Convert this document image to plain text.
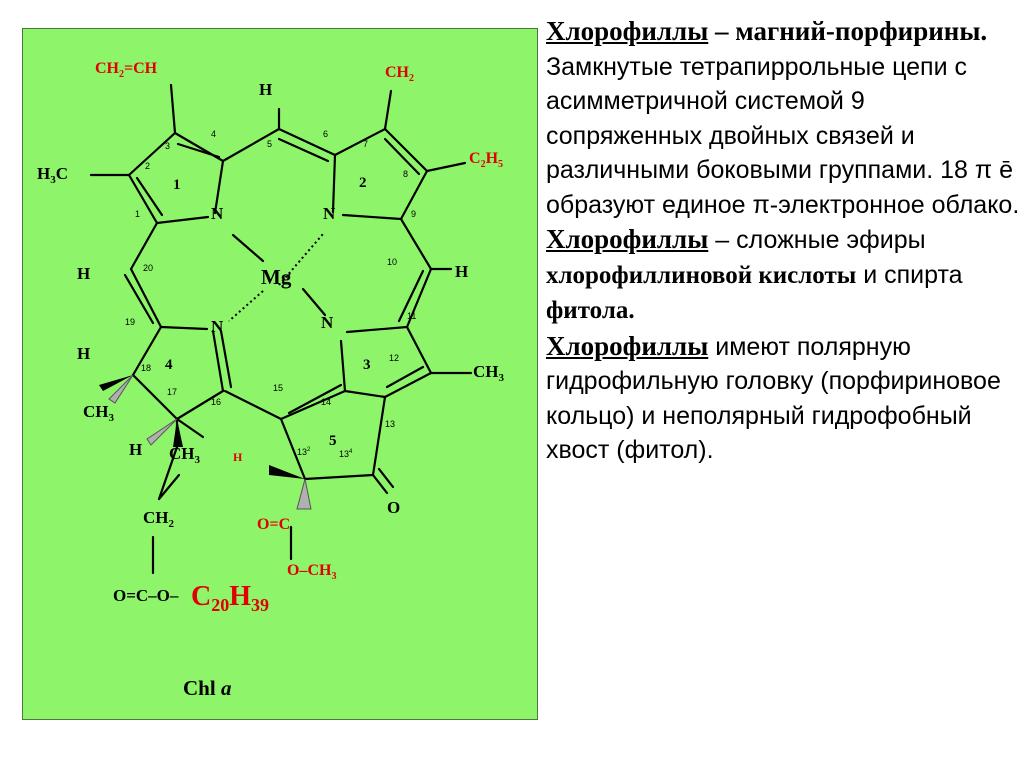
N	N
N	N
Mg
H
H	H
H
H
O
$H_3C$
$CH_3$
$CH_3$
$CH_3$
$CH_2$
O=C–O–
Chl a
$CH_2=CH$	$CH_2$
$C_2H_5$
H
O=C
$O-CH_3$
$C_{20}H_{39}$
1	2
3
4
5
1
2
3
4
5
6
7
8
9
10
11
12
13
14
15
16
17
18
19
20
$13^2$	$13^4$

Хлорофиллы – магний-порфирины.

Замкнутые тетрапиррольные цепи с асимметричной системой 9 сопряженных двойных связей и различными боковыми группами. 18 π ē образуют единое π-электронное облако.

Хлорофиллы – сложные эфиры хлорофиллиновой кислоты и спирта фитола.

Хлорофиллы имеют полярную гидрофильную головку (порфириновое кольцо) и неполярный гидрофобный хвост (фитол).
